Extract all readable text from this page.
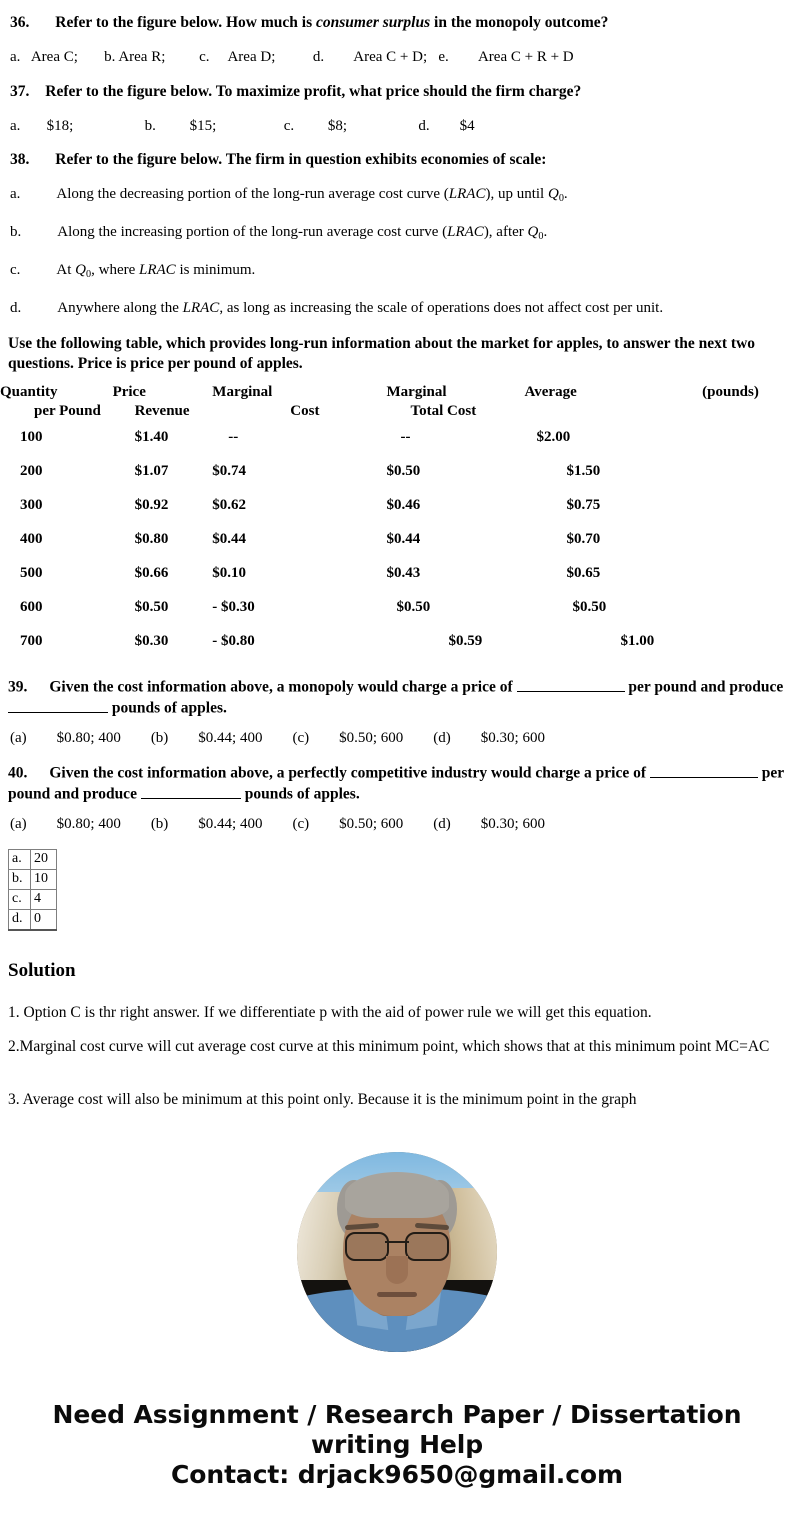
36. Refer to the figure below. How much is consumer surplus in the monopoly outcome?

a.   Area C;       b. Area R;         c.     Area D;          d.        Area C + D;   e.        Area C + R + D

37. Refer to the figure below. To maximize profit, what price should the firm charge?

a.       $18;                   b.         $15;                  c.         $8;                   d.        $4

38. Refer to the figure below. The firm in question exhibits economies of scale:

a. Along the decreasing portion of the long-run average cost curve (LRAC), up until $Q_0$.

b. Along the increasing portion of the long-run average cost curve (LRAC), after $Q_0$.

c. At $Q_0$, where LRAC is minimum.

d. Anywhere along the LRAC, as long as increasing the scale of operations does not affect cost per unit.

Use the following table, which provides long-run information about the market for apples, to answer the next two questions. Price is price per pound of apples.

Quantity	Price	Marginal	Marginal	Average	(pounds)
per Pound	Revenue	Cost	Total Cost		
100	$1.40	--	--	$2.00	
200	$1.07	$0.74	$0.50	$1.50	
300	$0.92	$0.62	$0.46	$0.75	
400	$0.80	$0.44	$0.44	$0.70	
500	$0.66	$0.10	$0.43	$0.65	
600	$0.50	- $0.30	$0.50	$0.50	
700	$0.30	- $0.80	$0.59	$1.00	

39. Given the cost information above, a monopoly would charge a price of	per pound and produce  pounds of apples.

(a)        $0.80; 400        (b)        $0.44; 400        (c)        $0.50; 600        (d)        $0.30; 600

40. Given the cost information above, a perfectly competitive industry would charge a price of	per pound and produce	pounds of apples.

(a)        $0.80; 400        (b)        $0.44; 400        (c)        $0.50; 600        (d)        $0.30; 600

a.	20
b.	10
c.	4
d.	0
Solution

1. Option C is thr right answer. If we differentiate p with the aid of power rule we will get this equation.

2.Marginal cost curve will cut average cost curve at this minimum point, which shows that at this minimum point MC=AC

3. Average cost will also be minimum at this point only. Because it is the minimum point in the graph

Need Assignment / Research Paper / Dissertation
writing Help
Contact: drjack9650@gmail.com
